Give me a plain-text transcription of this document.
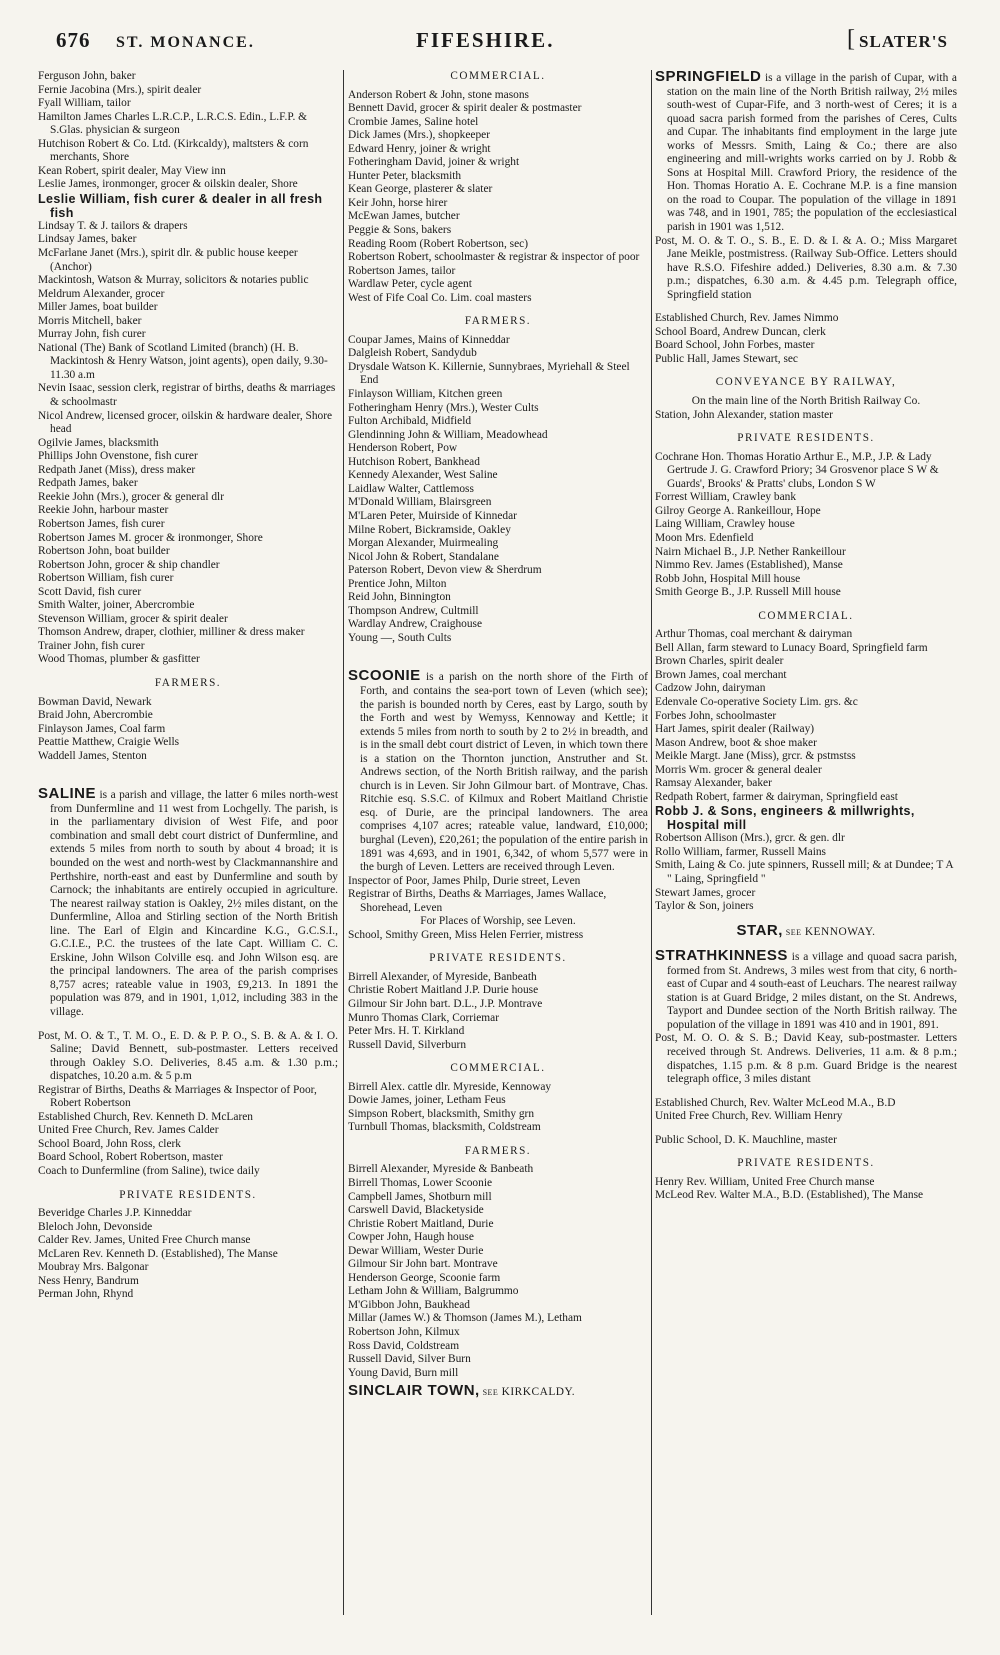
676 ST. MONANCE.	FIFESHIRE.
[	SLATER'S

Ferguson John, baker

Fernie Jacobina (Mrs.), spirit dealer

Fyall William, tailor

Hamilton James Charles L.R.C.P., L.R.C.S. Edin., L.F.P. & S.Glas. physician & surgeon

Hutchison Robert & Co. Ltd. (Kirkcaldy), maltsters & corn merchants, Shore

Kean Robert, spirit dealer, May View inn

Leslie James, ironmonger, grocer & oilskin dealer, Shore

Leslie William, fish curer & dealer in all fresh fish

Lindsay T. & J. tailors & drapers

Lindsay James, baker

McFarlane Janet (Mrs.), spirit dlr. & public house keeper (Anchor)

Mackintosh, Watson & Murray, solicitors & notaries public

Meldrum Alexander, grocer

Miller James, boat builder

Morris Mitchell, baker

Murray John, fish curer

National (The) Bank of Scotland Limited (branch) (H. B. Mackintosh & Henry Watson, joint agents), open daily, 9.30-11.30 a.m

Nevin Isaac, session clerk, registrar of births, deaths & marriages & schoolmastr

Nicol Andrew, licensed grocer, oilskin & hardware dealer, Shore head

Ogilvie James, blacksmith

Phillips John Ovenstone, fish curer

Redpath Janet (Miss), dress maker

Redpath James, baker

Reekie John (Mrs.), grocer & general dlr

Reekie John, harbour master

Robertson James, fish curer

Robertson James M. grocer & ironmonger, Shore

Robertson John, boat builder

Robertson John, grocer & ship chandler

Robertson William, fish curer

Scott David, fish curer

Smith Walter, joiner, Abercrombie

Stevenson William, grocer & spirit dealer

Thomson Andrew, draper, clothier, milliner & dress maker

Trainer John, fish curer

Wood Thomas, plumber & gasfitter

FARMERS.

Bowman David, Newark

Braid John, Abercrombie

Finlayson James, Coal farm

Peattie Matthew, Craigie Wells

Waddell James, Stenton

SALINE is a parish and village, the latter 6 miles north-west from Dunfermline and 11 west from Lochgelly. The parish, is in the parliamentary division of West Fife, and poor combination and small debt court district of Dunfermline, and extends 5 miles from north to south by about 4 broad; it is bounded on the west and north-west by Clackmannanshire and Perthshire, north-east and east by Dunfermline and south by Carnock; the inhabitants are entirely occupied in agriculture. The nearest railway station is Oakley, 2½ miles distant, on the Dunfermline, Alloa and Stirling section of the North British line. The Earl of Elgin and Kincardine K.G., G.C.S.I., G.C.I.E., P.C. the trustees of the late Capt. William C. C. Erskine, John Wilson Colville esq. and John Wilson esq. are the principal landowners. The area of the parish comprises 8,757 acres; rateable value in 1903, £9,213. In 1891 the population was 879, and in 1901, 1,012, including 383 in the village.

Post, M. O. & T., T. M. O., E. D. & P. P. O., S. B. & A. & I. O. Saline; David Bennett, sub-postmaster. Letters received through Oakley S.O. Deliveries, 8.45 a.m. & 1.30 p.m.; dispatches, 10.20 a.m. & 5 p.m

Registrar of Births, Deaths & Marriages & Inspector of Poor, Robert Robertson

Established Church, Rev. Kenneth D. McLaren

United Free Church, Rev. James Calder

School Board, John Ross, clerk

Board School, Robert Robertson, master

Coach to Dunfermline (from Saline), twice daily

PRIVATE RESIDENTS.

Beveridge Charles J.P. Kinneddar

Bleloch John, Devonside

Calder Rev. James, United Free Church manse

McLaren Rev. Kenneth D. (Established), The Manse

Moubray Mrs. Balgonar

Ness Henry, Bandrum

Perman John, Rhynd

COMMERCIAL.

Anderson Robert & John, stone masons

Bennett David, grocer & spirit dealer & postmaster

Crombie James, Saline hotel

Dick James (Mrs.), shopkeeper

Edward Henry, joiner & wright

Fotheringham David, joiner & wright

Hunter Peter, blacksmith

Kean George, plasterer & slater

Keir John, horse hirer

McEwan James, butcher

Peggie & Sons, bakers

Reading Room (Robert Robertson, sec)

Robertson Robert, schoolmaster & registrar & inspector of poor

Robertson James, tailor

Wardlaw Peter, cycle agent

West of Fife Coal Co. Lim. coal masters

FARMERS.

Coupar James, Mains of Kinneddar

Dalgleish Robert, Sandydub

Drysdale Watson K. Killernie, Sunnybraes, Myriehall & Steel End

Finlayson William, Kitchen green

Fotheringham Henry (Mrs.), Wester Cults

Fulton Archibald, Midfield

Glendinning John & William, Meadowhead

Henderson Robert, Pow

Hutchison Robert, Bankhead

Kennedy Alexander, West Saline

Laidlaw Walter, Cattlemoss

M'Donald William, Blairsgreen

M'Laren Peter, Muirside of Kinnedar

Milne Robert, Bickramside, Oakley

Morgan Alexander, Muirmealing

Nicol John & Robert, Standalane

Paterson Robert, Devon view & Sherdrum

Prentice John, Milton

Reid John, Binnington

Thompson Andrew, Cultmill

Wardlay Andrew, Craighouse

Young —, South Cults

SCOONIE is a parish on the north shore of the Firth of Forth, and contains the sea-port town of Leven (which see); the parish is bounded north by Ceres, east by Largo, south by the Forth and west by Wemyss, Kennoway and Kettle; it extends 5 miles from north to south by 2 to 2½ in breadth, and is in the small debt court district of Leven, in which town there is a station on the Thornton junction, Anstruther and St. Andrews section, of the North British railway, and the parish church is in Leven. Sir John Gilmour bart. of Montrave, Chas. Ritchie esq. S.S.C. of Kilmux and Robert Maitland Christie esq. of Durie, are the principal landowners. The area comprises 4,107 acres; rateable value, landward, £10,000; burghal (Leven), £20,261; the population of the entire parish in 1891 was 4,693, and in 1901, 6,342, of whom 5,577 were in the burgh of Leven. Letters are received through Leven.

Inspector of Poor, James Philp, Durie street, Leven

Registrar of Births, Deaths & Marriages, James Wallace, Shorehead, Leven

For Places of Worship, see Leven.

School, Smithy Green, Miss Helen Ferrier, mistress

PRIVATE RESIDENTS.

Birrell Alexander, of Myreside, Banbeath

Christie Robert Maitland J.P. Durie house

Gilmour Sir John bart. D.L., J.P. Montrave

Munro Thomas Clark, Corriemar

Peter Mrs. H. T. Kirkland

Russell David, Silverburn

COMMERCIAL.

Birrell Alex. cattle dlr. Myreside, Kennoway

Dowie James, joiner, Letham Feus

Simpson Robert, blacksmith, Smithy grn

Turnbull Thomas, blacksmith, Coldstream

FARMERS.

Birrell Alexander, Myreside & Banbeath

Birrell Thomas, Lower Scoonie

Campbell James, Shotburn mill

Carswell David, Blacketyside

Christie Robert Maitland, Durie

Cowper John, Haugh house

Dewar William, Wester Durie

Gilmour Sir John bart. Montrave

Henderson George, Scoonie farm

Letham John & William, Balgrummo

M'Gibbon John, Baukhead

Millar (James W.) & Thomson (James M.), Letham

Robertson John, Kilmux

Ross David, Coldstream

Russell David, Silver Burn

Young David, Burn mill

SINCLAIR TOWN, see KIRKCALDY.

SPRINGFIELD is a village in the parish of Cupar, with a station on the main line of the North British railway, 2½ miles south-west of Cupar-Fife, and 3 north-west of Ceres; it is a quoad sacra parish formed from the parishes of Ceres, Cults and Cupar. The inhabitants find employment in the large jute works of Messrs. Smith, Laing & Co.; there are also engineering and mill-wrights works carried on by J. Robb & Sons at Hospital Mill. Crawford Priory, the residence of the Hon. Thomas Horatio A. E. Cochrane M.P. is a fine mansion on the road to Coupar. The population of the village in 1891 was 748, and in 1901, 785; the population of the ecclesiastical parish in 1901 was 1,512.

Post, M. O. & T. O., S. B., E. D. & I. & A. O.; Miss Margaret Jane Meikle, postmistress. (Railway Sub-Office. Letters should have R.S.O. Fifeshire added.) Deliveries, 8.30 a.m. & 7.30 p.m.; dispatches, 6.30 a.m. & 4.45 p.m. Telegraph office, Springfield station

Established Church, Rev. James Nimmo

School Board, Andrew Duncan, clerk

Board School, John Forbes, master

Public Hall, James Stewart, sec

CONVEYANCE BY RAILWAY,

On the main line of the North British Railway Co.

Station, John Alexander, station master

PRIVATE RESIDENTS.

Cochrane Hon. Thomas Horatio Arthur E., M.P., J.P. & Lady Gertrude J. G. Crawford Priory; 34 Grosvenor place S W & Guards', Brooks' & Pratts' clubs, London S W

Forrest William, Crawley bank

Gilroy George A. Rankeillour, Hope

Laing William, Crawley house

Moon Mrs. Edenfield

Nairn Michael B., J.P. Nether Rankeillour

Nimmo Rev. James (Established), Manse

Robb John, Hospital Mill house

Smith George B., J.P. Russell Mill house

COMMERCIAL.

Arthur Thomas, coal merchant & dairyman

Bell Allan, farm steward to Lunacy Board, Springfield farm

Brown Charles, spirit dealer

Brown James, coal merchant

Cadzow John, dairyman

Edenvale Co-operative Society Lim. grs. &c

Forbes John, schoolmaster

Hart James, spirit dealer (Railway)

Mason Andrew, boot & shoe maker

Meikle Margt. Jane (Miss), grcr. & pstmstss

Morris Wm. grocer & general dealer

Ramsay Alexander, baker

Redpath Robert, farmer & dairyman, Springfield east

Robb J. & Sons, engineers & millwrights, Hospital mill

Robertson Allison (Mrs.), grcr. & gen. dlr

Rollo William, farmer, Russell Mains

Smith, Laing & Co. jute spinners, Russell mill; & at Dundee; T A " Laing, Springfield "

Stewart James, grocer

Taylor & Son, joiners

STAR, see KENNOWAY.

STRATHKINNESS is a village and quoad sacra parish, formed from St. Andrews, 3 miles west from that city, 6 north-east of Cupar and 4 south-east of Leuchars. The nearest railway station is at Guard Bridge, 2 miles distant, on the St. Andrews, Tayport and Dundee section of the North British railway. The population of the village in 1891 was 410 and in 1901, 891.

Post, M. O. O. & S. B.; David Keay, sub-postmaster. Letters received through St. Andrews. Deliveries, 11 a.m. & 8 p.m.; dispatches, 1.15 p.m. & 8 p.m. Guard Bridge is the nearest telegraph office, 3 miles distant

Established Church, Rev. Walter McLeod M.A., B.D

United Free Church, Rev. William Henry

Public School, D. K. Mauchline, master

PRIVATE RESIDENTS.

Henry Rev. William, United Free Church manse

McLeod Rev. Walter M.A., B.D. (Established), The Manse
